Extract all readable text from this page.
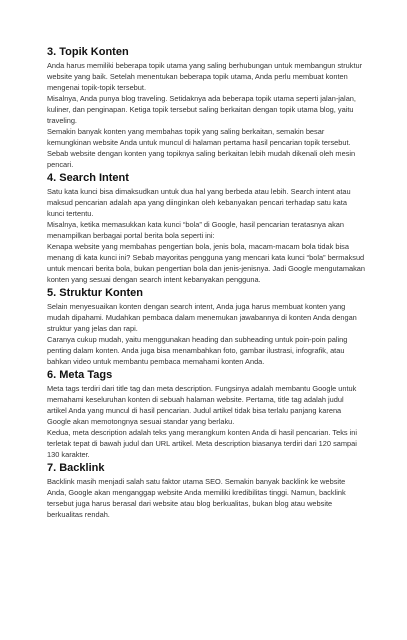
3. Topik Konten

Anda harus memiliki beberapa topik utama yang saling berhubungan untuk membangun struktur website yang baik. Setelah menentukan beberapa topik utama, Anda perlu membuat konten mengenai topik-topik tersebut.

Misalnya, Anda punya blog traveling. Setidaknya ada beberapa topik utama seperti jalan-jalan, kuliner, dan penginapan. Ketiga topik tersebut saling berkaitan dengan topik utama blog, yaitu traveling.

Semakin banyak konten yang membahas topik yang saling berkaitan, semakin besar kemungkinan website Anda untuk muncul di halaman pertama hasil pencarian topik tersebut. Sebab website dengan konten yang topiknya saling berkaitan lebih mudah dikenali oleh mesin pencari.

4. Search Intent

Satu kata kunci bisa dimaksudkan untuk dua hal yang berbeda atau lebih. Search intent atau maksud pencarian adalah apa yang diinginkan oleh kebanyakan pencari terhadap satu kata kunci tertentu.

Misalnya, ketika memasukkan kata kunci “bola” di Google, hasil pencarian teratasnya akan menampilkan berbagai portal berita bola seperti ini:

Kenapa website yang membahas pengertian bola, jenis bola, macam-macam bola tidak bisa menang di kata kunci ini? Sebab mayoritas pengguna yang mencari kata kunci “bola” bermaksud untuk mencari berita bola, bukan pengertian bola dan jenis-jenisnya. Jadi Google mengutamakan konten yang sesuai dengan search intent kebanyakan pengguna.

5. Struktur Konten

Selain menyesuaikan konten dengan search intent, Anda juga harus membuat konten yang mudah dipahami. Mudahkan pembaca dalam menemukan jawabannya di konten Anda dengan struktur yang jelas dan rapi.

Caranya cukup mudah, yaitu menggunakan heading dan subheading untuk poin-poin paling penting dalam konten. Anda juga bisa menambahkan foto, gambar ilustrasi, infografik, atau bahkan video untuk membantu pembaca memahami konten Anda.

6. Meta Tags

Meta tags terdiri dari title tag dan meta description. Fungsinya adalah membantu Google untuk memahami keseluruhan konten di sebuah halaman website. Pertama, title tag adalah judul artikel Anda yang muncul di hasil pencarian. Judul artikel tidak bisa terlalu panjang karena Google akan memotongnya sesuai standar yang berlaku.

Kedua, meta description adalah teks yang merangkum konten Anda di hasil pencarian. Teks ini terletak tepat di bawah judul dan URL artikel. Meta description biasanya terdiri dari 120 sampai 130 karakter.

7. Backlink

Backlink masih menjadi salah satu faktor utama SEO. Semakin banyak backlink ke website Anda, Google akan menganggap website Anda memiliki kredibilitas tinggi. Namun, backlink tersebut juga harus berasal dari website atau blog berkualitas, bukan blog atau website berkualitas rendah.
